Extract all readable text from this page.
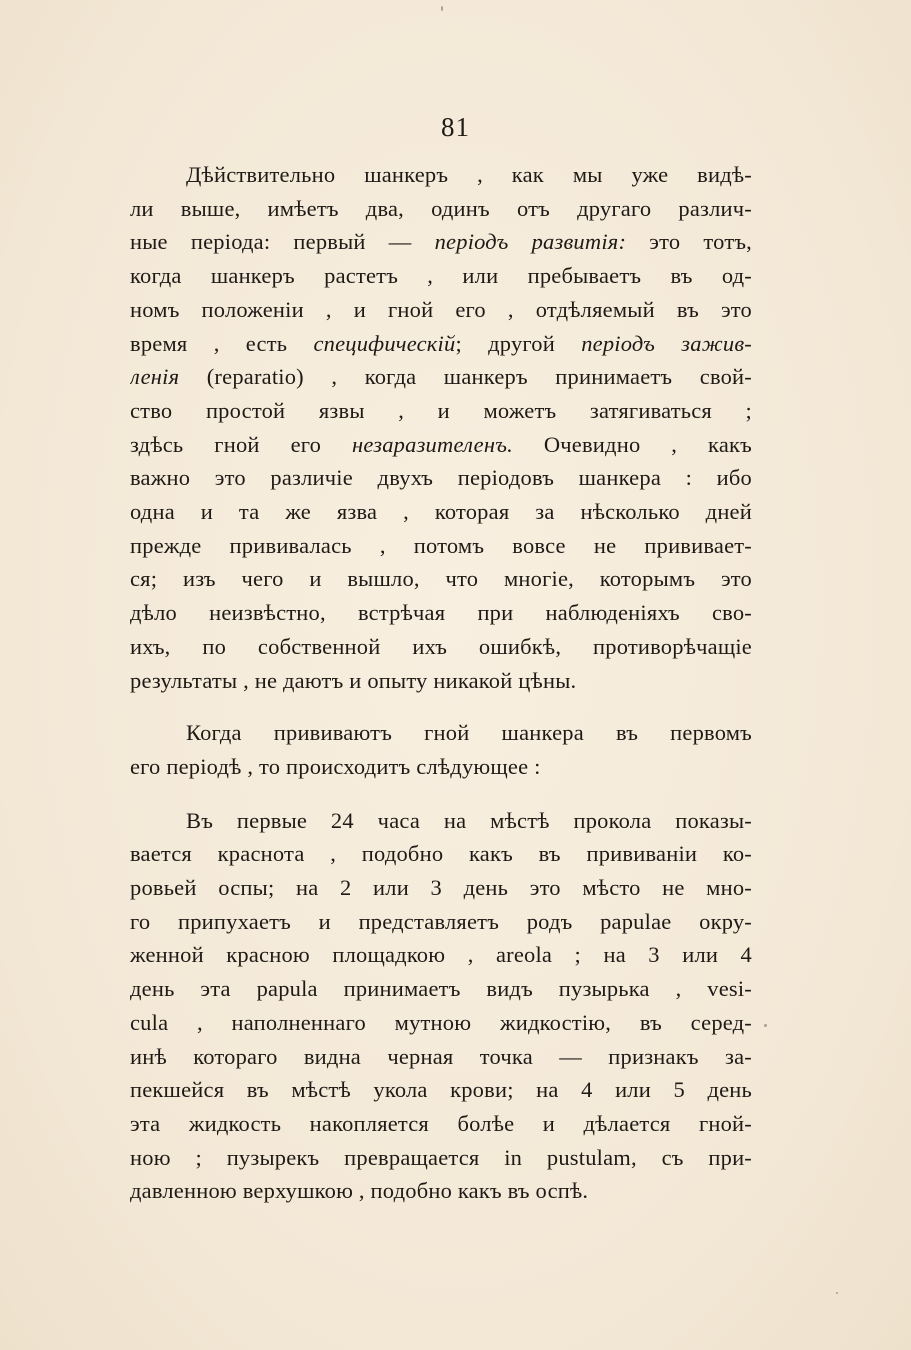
81
Дѣйствительно шанкеръ , как мы уже видѣ-
ли выше, имѣетъ два, одинъ отъ другаго различ-
ные періода: первый — періодъ развитія: это тотъ,
когда шанкеръ растетъ , или пребываетъ въ од-
номъ положеніи , и гной его , отдѣляемый въ это
время , есть специфическій; другой періодъ зажив-
ленія (reparatio) , когда шанкеръ принимаетъ свой-
ство простой язвы , и можетъ затягиваться ;
здѣсь гной его незаразителенъ. Очевидно , какъ
важно это различіе двухъ періодовъ шанкера : ибо
одна и та же язва , которая за нѣсколько дней
прежде прививалась , потомъ вовсе не прививает-
ся; изъ чего и вышло, что многіе, которымъ это
дѣло неизвѣстно, встрѣчая при наблюденіяхъ сво-
ихъ, по собственной ихъ ошибкѣ, противорѣчащіе
результаты , не даютъ и опыту никакой цѣны.
Когда прививаютъ гной шанкера въ первомъ
его періодѣ , то происходитъ слѣдующее :
Въ первые 24 часа на мѣстѣ прокола показы-
вается краснота , подобно какъ въ прививаніи ко-
ровьей оспы; на 2 или 3 день это мѣсто не мно-
го припухаетъ и представляетъ родъ papulae окру-
женной красною площадкою , areola ; на 3 или 4
день эта papula принимаетъ видъ пузырька , vesi-
cula , наполненнаго мутною жидкостію, въ серед-
инѣ котораго видна черная точка — признакъ за-
пекшейся въ мѣстѣ укола крови; на 4 или 5 день
эта жидкость накопляется болѣе и дѣлается гной-
ною ; пузырекъ превращается in pustulam, съ при-
давленною верхушкою , подобно какъ въ оспѣ.
